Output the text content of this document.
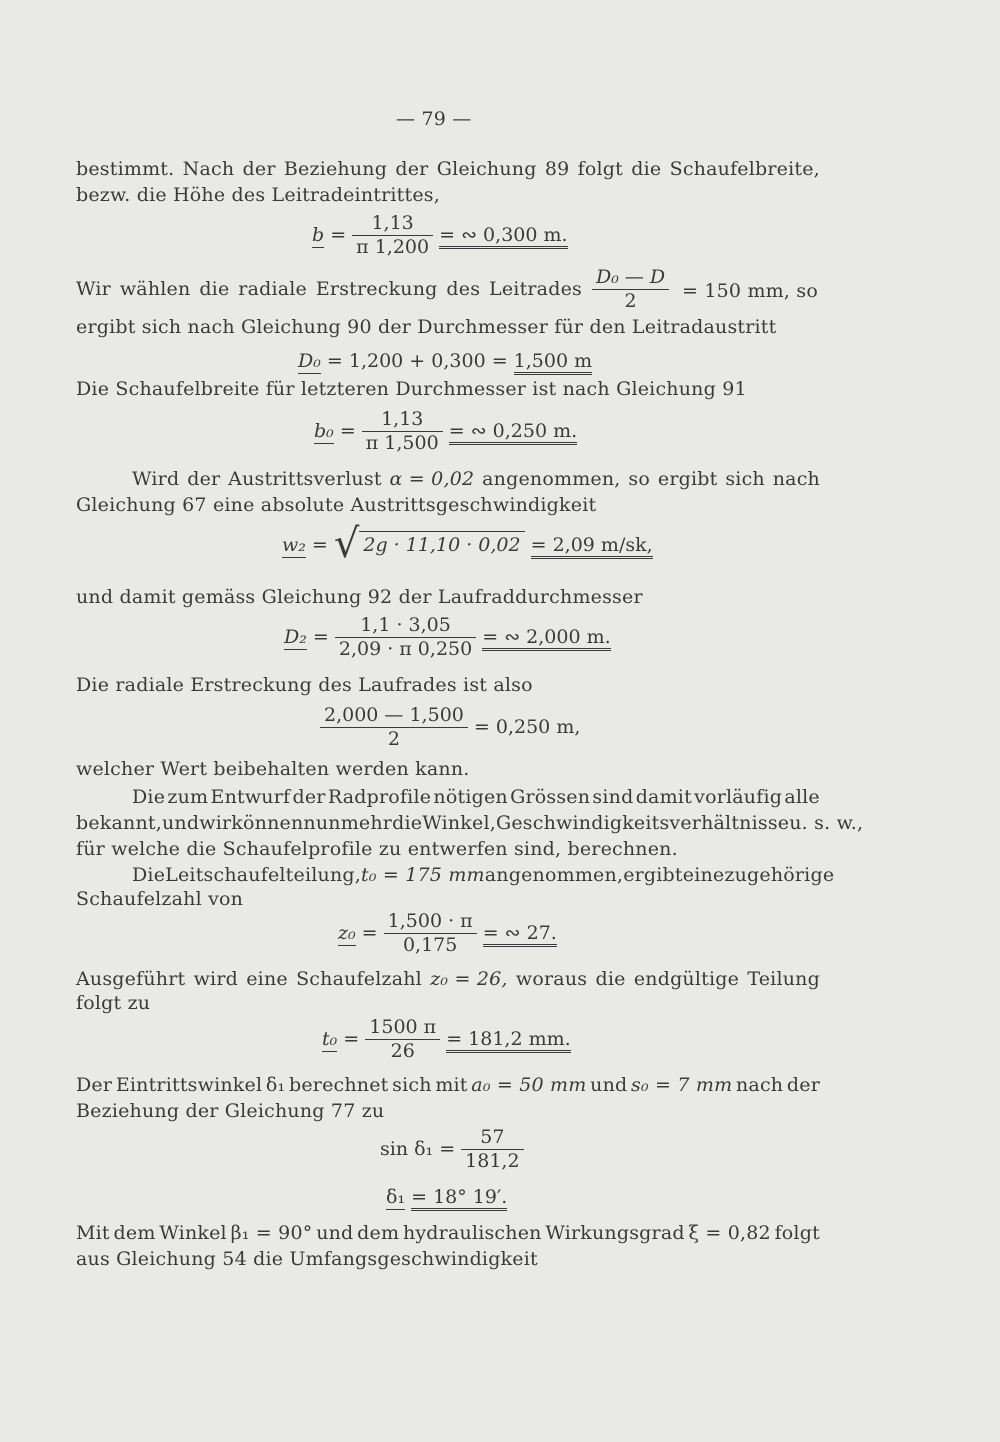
— 79 —
bestimmt. Nach der Beziehung der Gleichung 89 folgt die Schaufelbreite,
bezw. die Höhe des Leitradeintrittes,
$b = \frac{1,13}{\pi 1,200}$ = ∾ 0,300 m.
Wir wählen die radiale Erstreckung des Leitrades $\frac{\text{D₀ — D}}{2} = 150$ mm, so
ergibt sich nach Gleichung 90 der Durchmesser für den Leitradaustritt
D₀ = 1,200 + 0,300 = 1,500 m
Die Schaufelbreite für letzteren Durchmesser ist nach Gleichung 91
$b_0 = \frac{1,13}{\pi 1,500}$ = ∾ 0,250 m.
Wird der Austrittsverlust α = 0,02 angenommen, so ergibt sich nach
Gleichung 67 eine absolute Austrittsgeschwindigkeit
w₂ = √ 2g · 11,10 · 0,02 = 2,09 m/sk,
und damit gemäss Gleichung 92 der Laufraddurchmesser
$D_2 = \frac{1,1 \cdot 3,05}{2,09 \cdot \pi 0,250}$ = ∾ 2,000 m.
Die radiale Erstreckung des Laufrades ist also
$\frac{2,000 — 1,500}{2} = 0,250$ m,
welcher Wert beibehalten werden kann.
Die zum Entwurf der Radprofile nötigen Grössen sind damit vorläufig alle
bekannt, und wir können nunmehr die Winkel, Geschwindigkeitsverhältnisse u. s. w.,
für welche die Schaufelprofile zu entwerfen sind, berechnen.
Die Leitschaufelteilung, t₀ = 175 mm angenommen, ergibt eine zugehörige
Schaufelzahl von
$z_0 = \frac{1,500 \cdot \pi}{0,175}$ = ∾ 27.
Ausgeführt wird eine Schaufelzahl z₀ = 26, woraus die endgültige Teilung
folgt zu
$t_0 = \frac{1500 \pi}{26} = 181,2$ mm.
Der Eintrittswinkel δ₁ berechnet sich mit a₀ = 50 mm und s₀ = 7 mm nach der
Beziehung der Gleichung 77 zu
$\sin \delta_1 = \frac{57}{181,2}$
δ₁ = 18° 19′.
Mit dem Winkel β₁ = 90° und dem hydraulischen Wirkungsgrad ξ = 0,82 folgt
aus Gleichung 54 die Umfangsgeschwindigkeit
